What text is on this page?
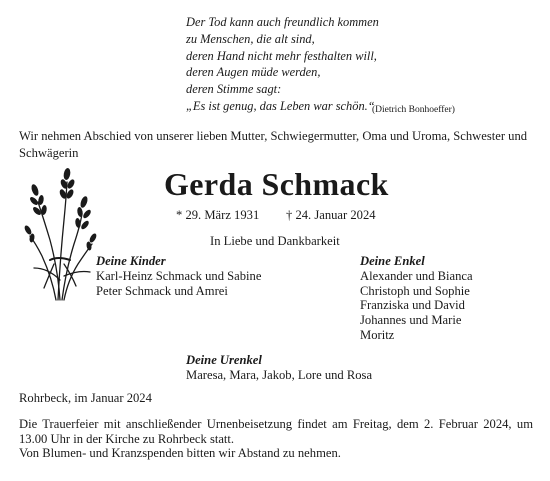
Der Tod kann auch freundlich kommen
zu Menschen, die alt sind,
deren Hand nicht mehr festhalten will,
deren Augen müde werden,
deren Stimme sagt:
„Es ist genug, das Leben war schön.“
(Dietrich Bonhoeffer)
Wir nehmen Abschied von unserer lieben Mutter, Schwiegermutter, Oma und Uroma, Schwester und Schwägerin
Gerda Schmack
* 29. März 1931 † 24. Januar 2024
In Liebe und Dankbarkeit
Deine Kinder
Karl-Heinz Schmack und Sabine
Peter Schmack und Amrei
Deine Enkel
Alexander und Bianca
Christoph und Sophie
Franziska und David
Johannes und Marie
Moritz
Deine Urenkel
Maresa, Mara, Jakob, Lore und Rosa
Rohrbeck, im Januar 2024

Die Trauerfeier mit anschließender Urnenbeisetzung findet am Freitag, dem 2. Februar 2024, um 13.00 Uhr in der Kirche zu Rohrbeck statt.

Von Blumen- und Kranzspenden bitten wir Abstand zu nehmen.
